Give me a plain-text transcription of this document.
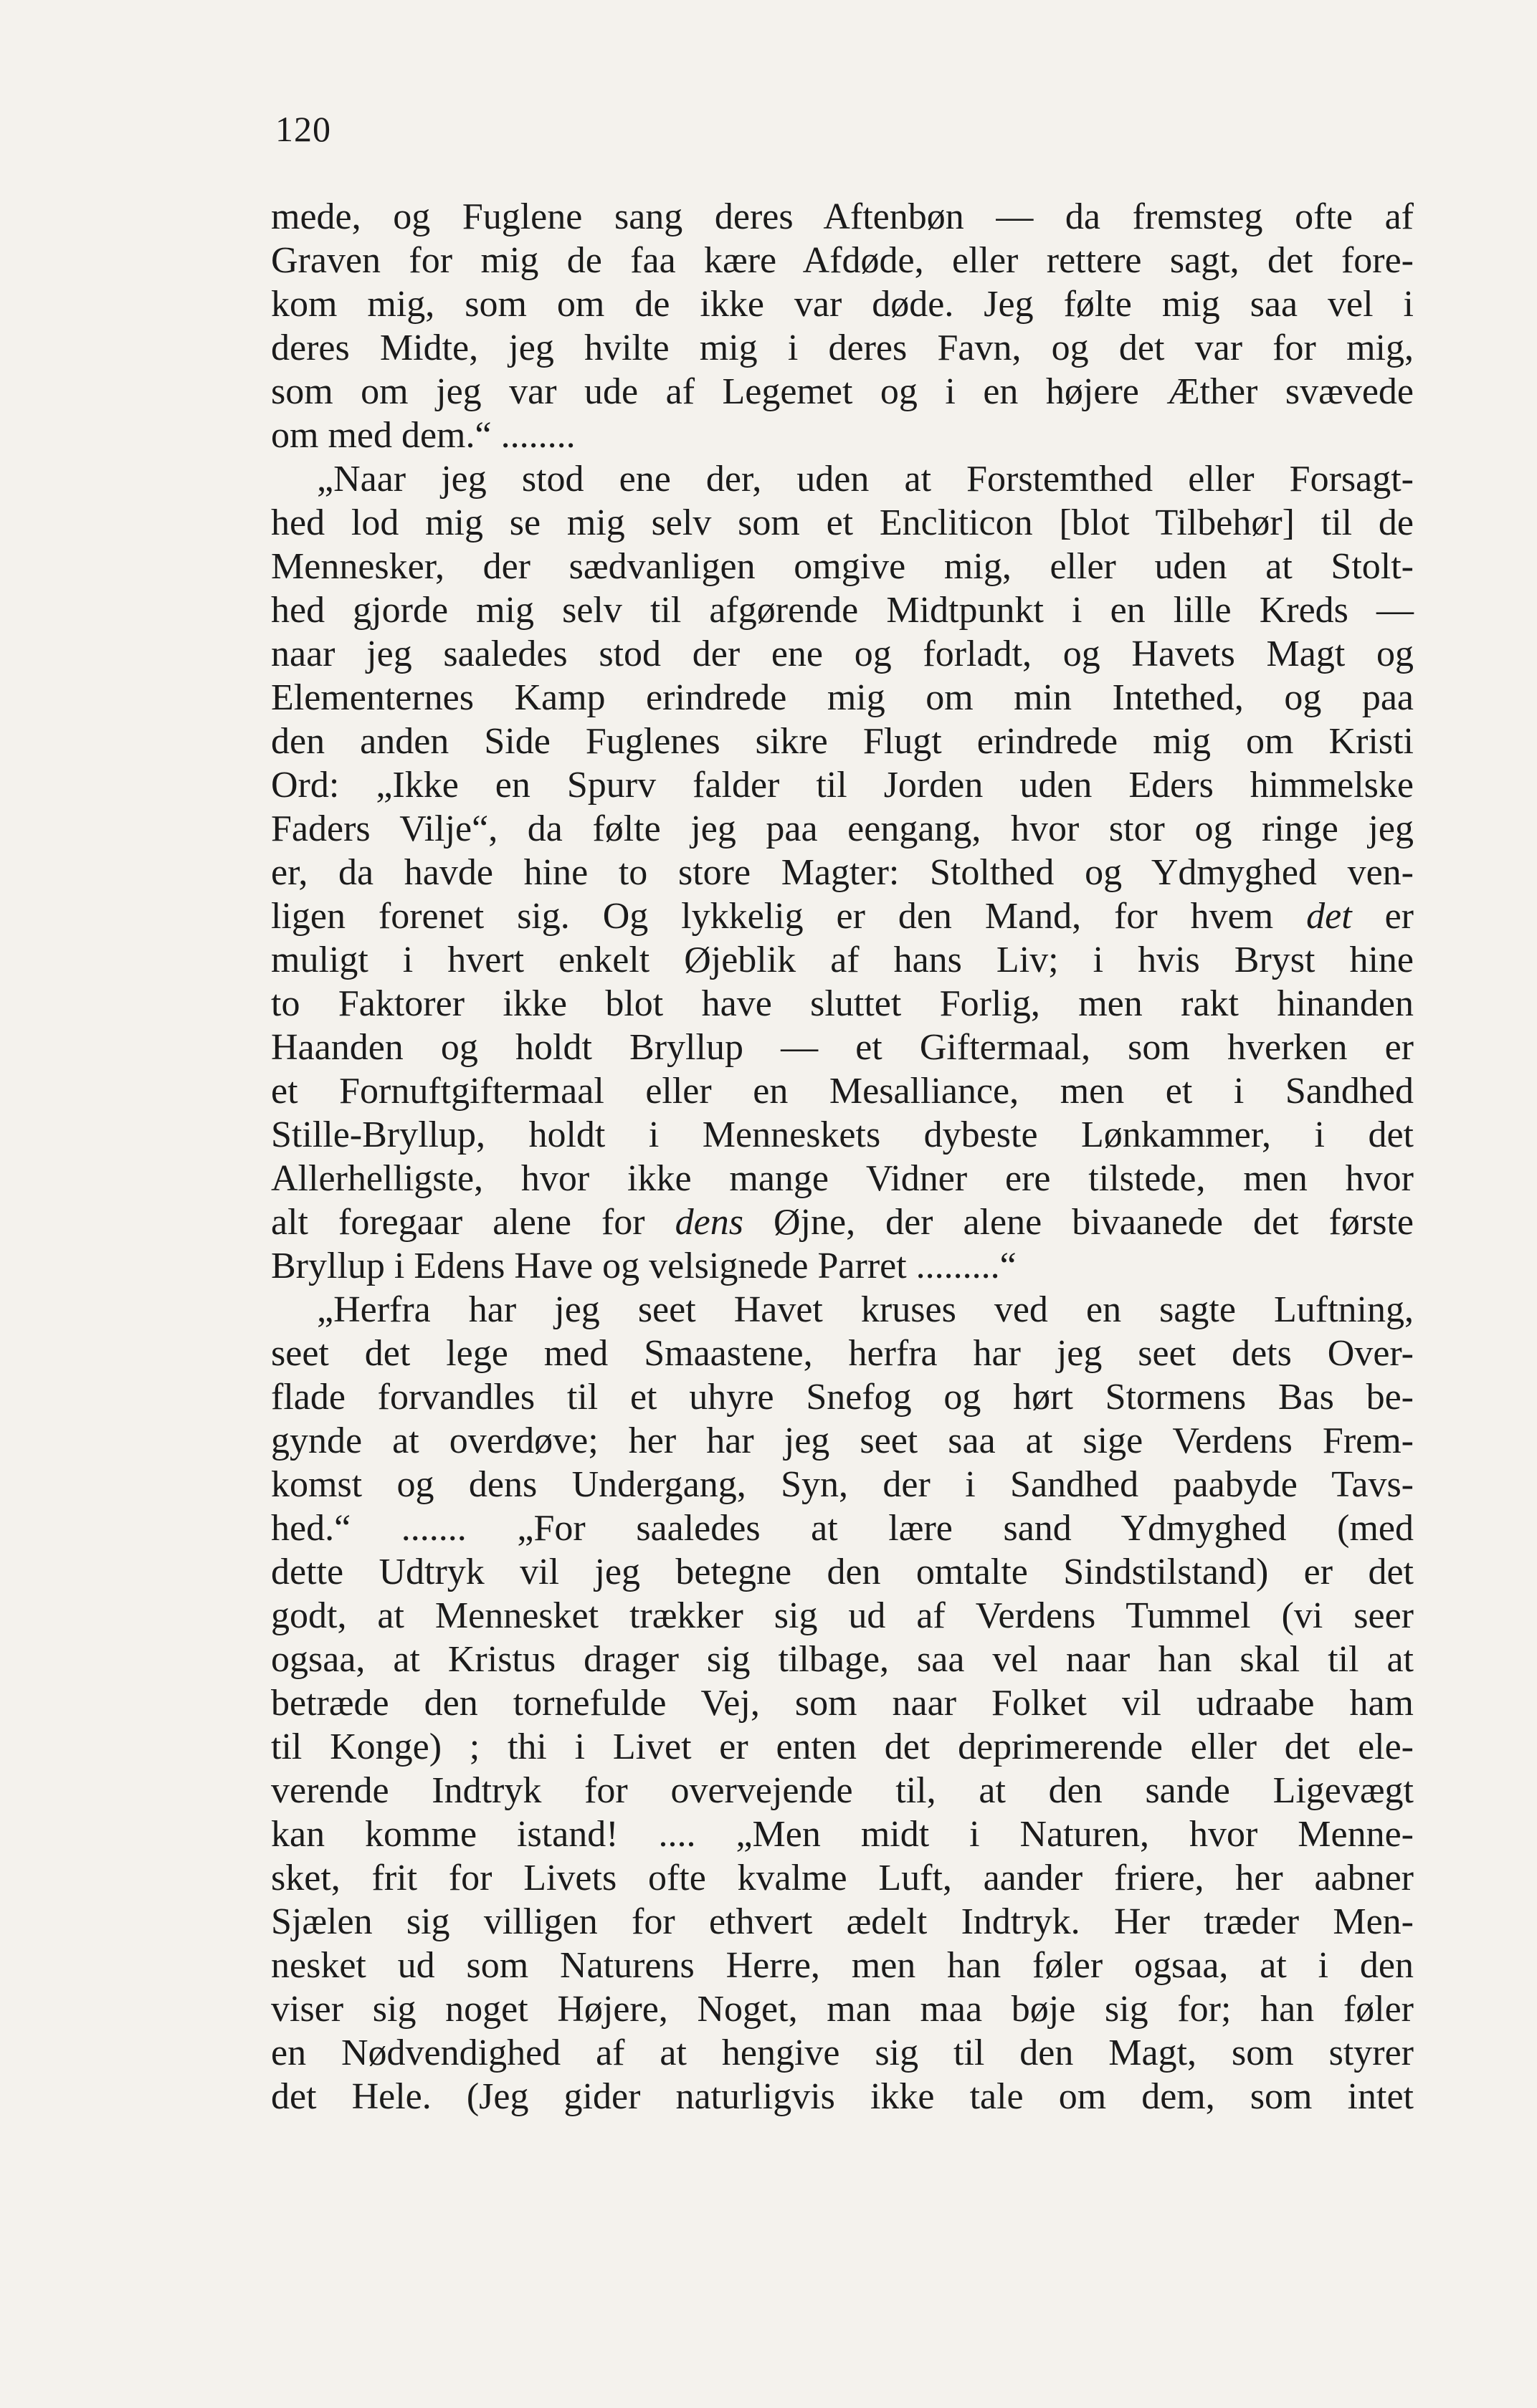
120
mede, og Fuglene sang deres Aftenbøn — da fremsteg ofte af
Graven for mig de faa kære Afdøde, eller rettere sagt, det fore-
kom mig, som om de ikke var døde. Jeg følte mig saa vel i
deres Midte, jeg hvilte mig i deres Favn, og det var for mig,
som om jeg var ude af Legemet og i en højere Æther svævede
om med dem.“ ........
„Naar jeg stod ene der, uden at Forstemthed eller Forsagt-
hed lod mig se mig selv som et Encliticon [blot Tilbehør] til de
Mennesker, der sædvanligen omgive mig, eller uden at Stolt-
hed gjorde mig selv til afgørende Midtpunkt i en lille Kreds —
naar jeg saaledes stod der ene og forladt, og Havets Magt og
Elementernes Kamp erindrede mig om min Intethed, og paa
den anden Side Fuglenes sikre Flugt erindrede mig om Kristi
Ord: „Ikke en Spurv falder til Jorden uden Eders himmelske
Faders Vilje“, da følte jeg paa eengang, hvor stor og ringe jeg
er, da havde hine to store Magter: Stolthed og Ydmyghed ven-
ligen forenet sig. Og lykkelig er den Mand, for hvem det er
muligt i hvert enkelt Øjeblik af hans Liv; i hvis Bryst hine
to Faktorer ikke blot have sluttet Forlig, men rakt hinanden
Haanden og holdt Bryllup — et Giftermaal, som hverken er
et Fornuftgiftermaal eller en Mesalliance, men et i Sandhed
Stille-Bryllup, holdt i Menneskets dybeste Lønkammer, i det
Allerhelligste, hvor ikke mange Vidner ere tilstede, men hvor
alt foregaar alene for dens Øjne, der alene bivaanede det første
Bryllup i Edens Have og velsignede Parret .........“
„Herfra har jeg seet Havet kruses ved en sagte Luftning,
seet det lege med Smaastene, herfra har jeg seet dets Over-
flade forvandles til et uhyre Snefog og hørt Stormens Bas be-
gynde at overdøve; her har jeg seet saa at sige Verdens Frem-
komst og dens Undergang, Syn, der i Sandhed paabyde Tavs-
hed.“ ....... „For saaledes at lære sand Ydmyghed (med
dette Udtryk vil jeg betegne den omtalte Sindstilstand) er det
godt, at Mennesket trækker sig ud af Verdens Tummel (vi seer
ogsaa, at Kristus drager sig tilbage, saa vel naar han skal til at
betræde den tornefulde Vej, som naar Folket vil udraabe ham
til Konge) ; thi i Livet er enten det deprimerende eller det ele-
verende Indtryk for overvejende til, at den sande Ligevægt
kan komme istand! .... „Men midt i Naturen, hvor Menne-
sket, frit for Livets ofte kvalme Luft, aander friere, her aabner
Sjælen sig villigen for ethvert ædelt Indtryk. Her træder Men-
nesket ud som Naturens Herre, men han føler ogsaa, at i den
viser sig noget Højere, Noget, man maa bøje sig for; han føler
en Nødvendighed af at hengive sig til den Magt, som styrer
det Hele. (Jeg gider naturligvis ikke tale om dem, som intet
